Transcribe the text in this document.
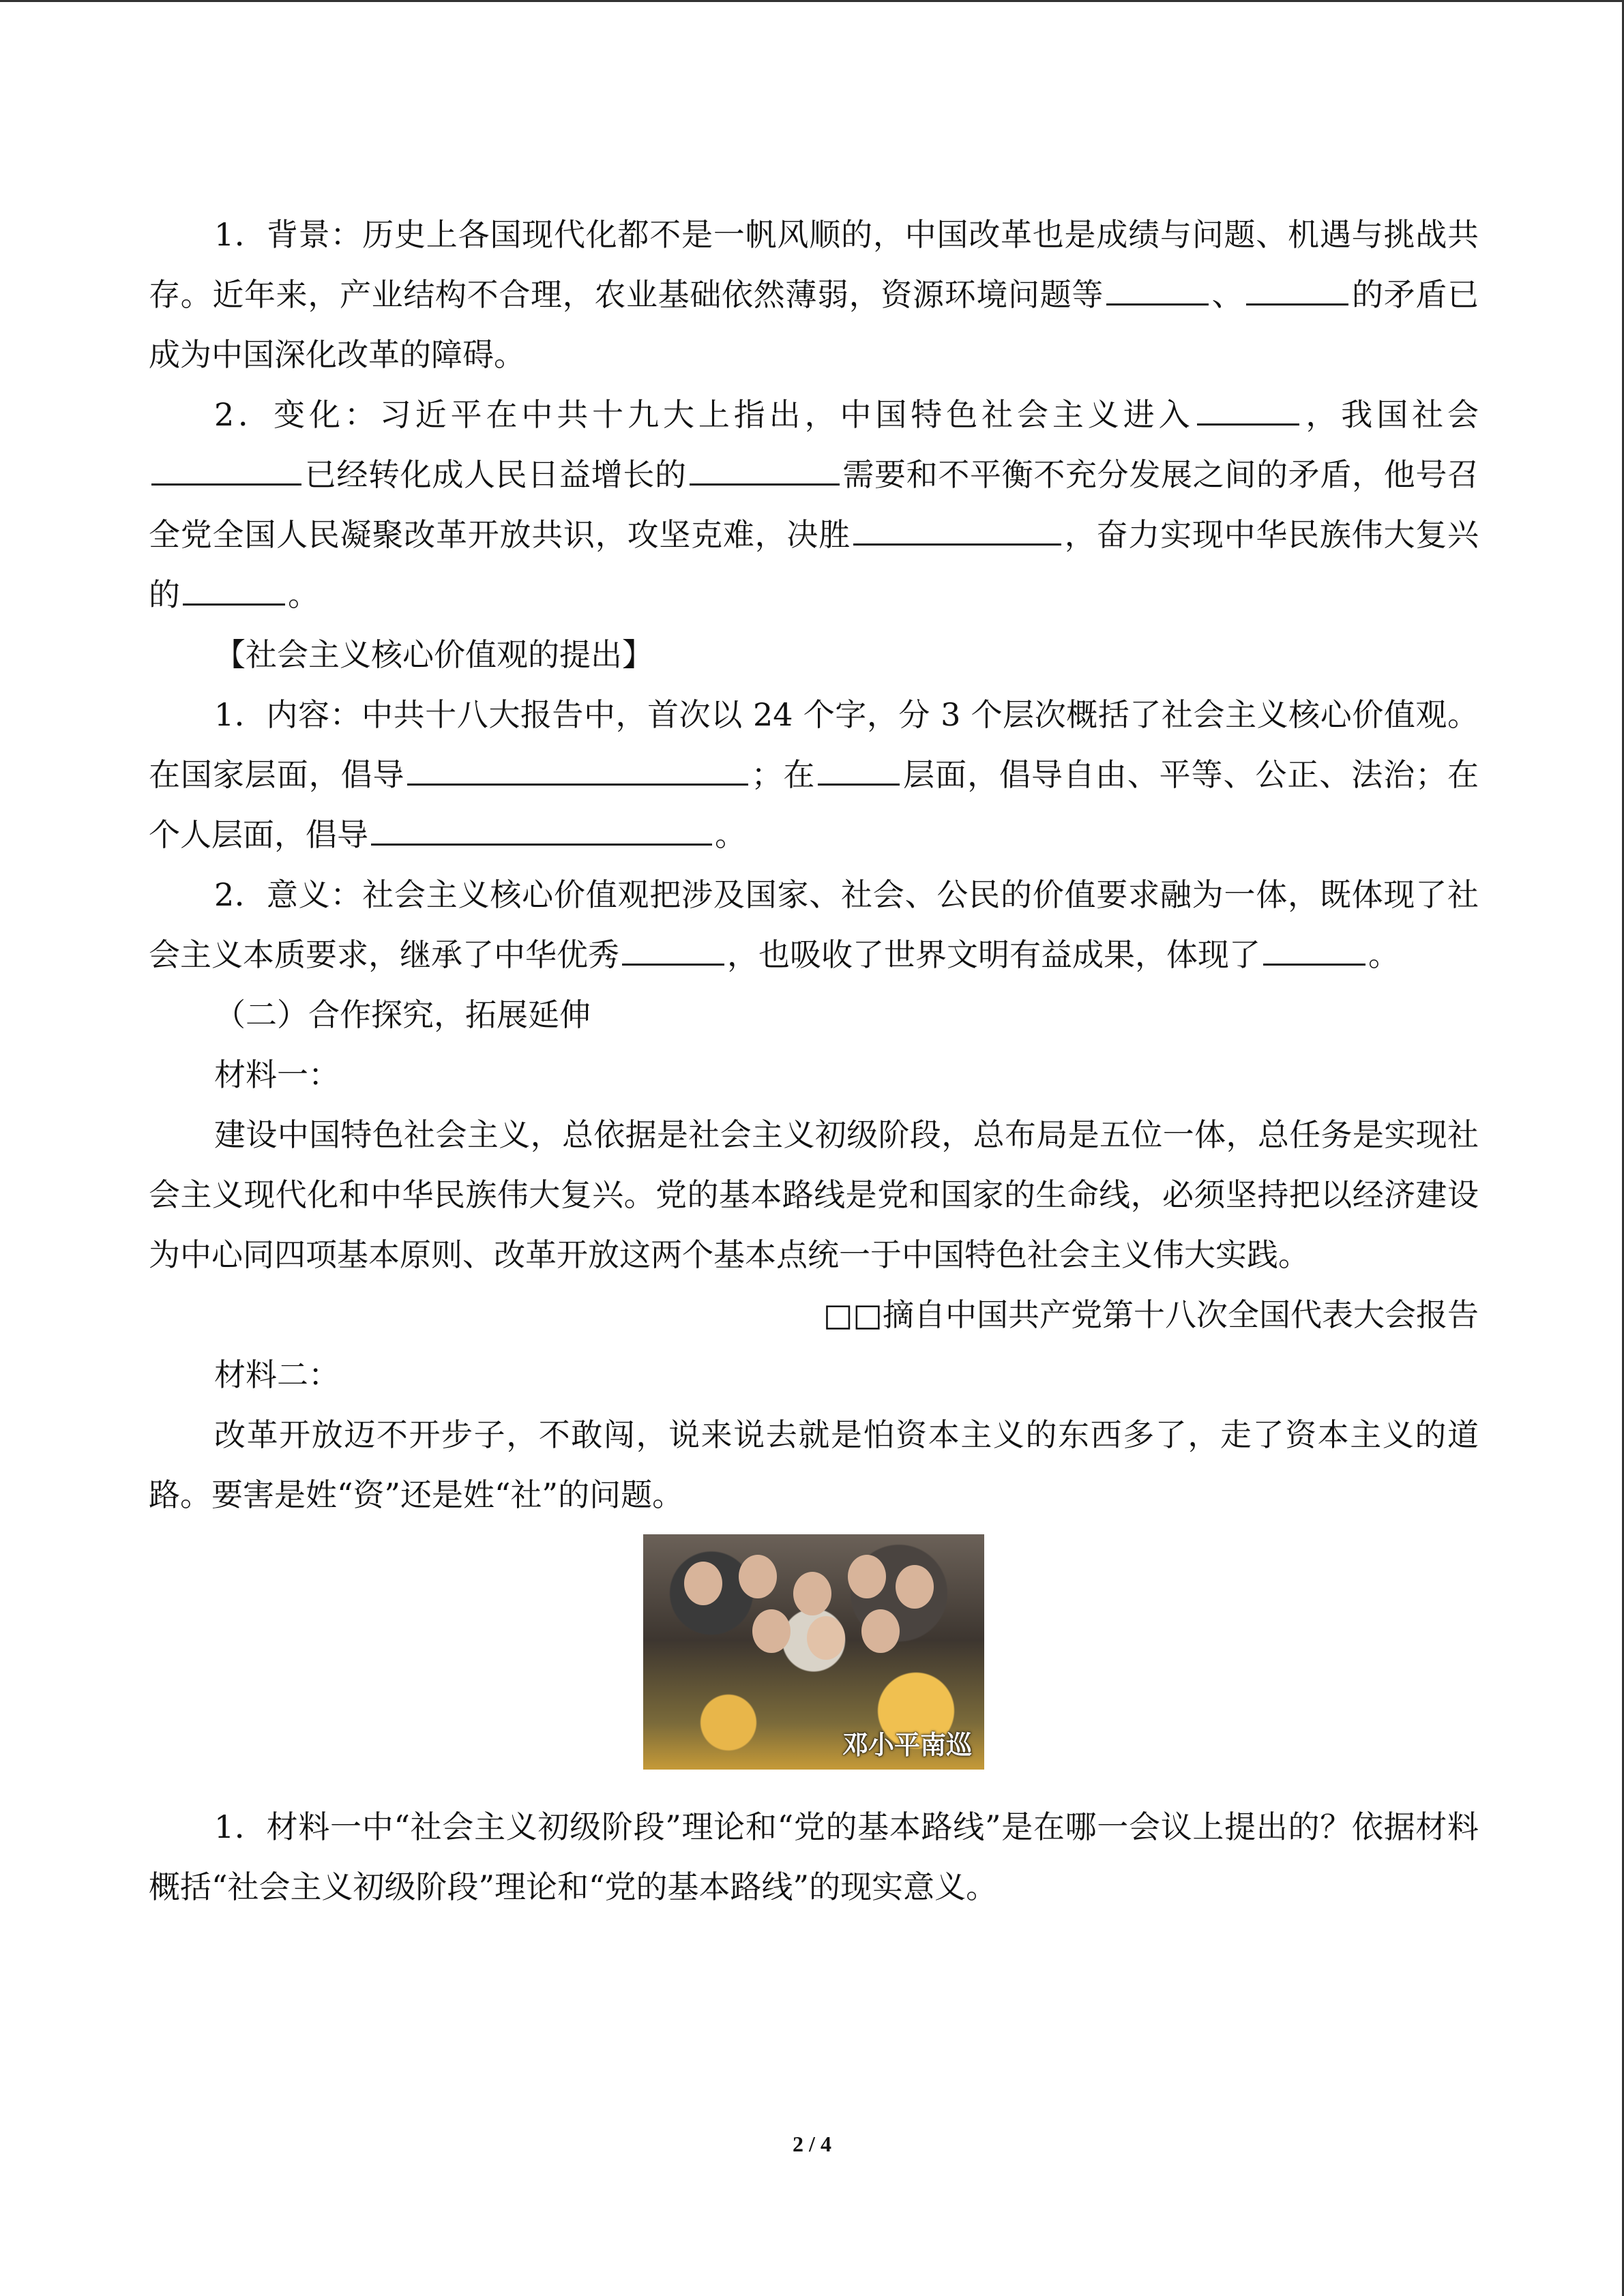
1．背景：历史上各国现代化都不是一帆风顺的，中国改革也是成绩与问题、机遇与挑战共存。近年来，产业结构不合理，农业基础依然薄弱，资源环境问题等	、	的矛盾已成为中国深化改革的障碍。

2．变化：习近平在中共十九大上指出，中国特色社会主义进入	，我国社会已经转化成人民日益增长的	需要和不平衡不充分发展之间的矛盾，他号召全党全国人民凝聚改革开放共识，攻坚克难，决胜	，奋力实现中华民族伟大复兴的	。

【社会主义核心价值观的提出】

1．内容：中共十八大报告中，首次以 24 个字，分 3 个层次概括了社会主义核心价值观。在国家层面，倡导	；在	层面，倡导自由、平等、公正、法治；在个人层面，倡导	。

2．意义：社会主义核心价值观把涉及国家、社会、公民的价值要求融为一体，既体现了社会主义本质要求，继承了中华优秀	，也吸收了世界文明有益成果，体现了	。

（二）合作探究，拓展延伸

材料一：

建设中国特色社会主义，总依据是社会主义初级阶段，总布局是五位一体，总任务是实现社会主义现代化和中华民族伟大复兴。党的基本路线是党和国家的生命线，必须坚持把以经济建设为中心同四项基本原则、改革开放这两个基本点统一于中国特色社会主义伟大实践。

□□摘自中国共产党第十八次全国代表大会报告

材料二：

改革开放迈不开步子，不敢闯，说来说去就是怕资本主义的东西多了，走了资本主义的道路。要害是姓“资”还是姓“社”的问题。

邓小平南巡

1．材料一中“社会主义初级阶段”理论和“党的基本路线”是在哪一会议上提出的？依据材料概括“社会主义初级阶段”理论和“党的基本路线”的现实意义。

2 / 4
